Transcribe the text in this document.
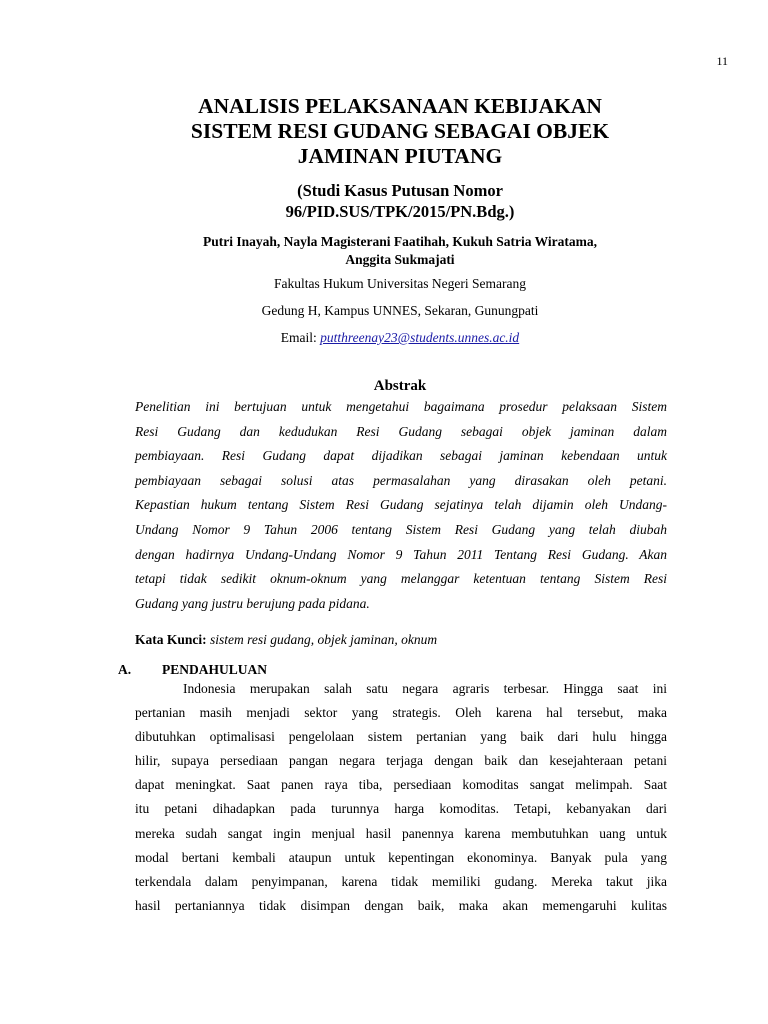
11
ANALISIS PELAKSANAAN KEBIJAKAN
SISTEM RESI GUDANG SEBAGAI OBJEK
JAMINAN PIUTANG
(Studi Kasus Putusan Nomor
96/PID.SUS/TPK/2015/PN.Bdg.)
Putri Inayah, Nayla Magisterani Faatihah, Kukuh Satria Wiratama,
Anggita Sukmajati
Fakultas Hukum Universitas Negeri Semarang
Gedung H, Kampus UNNES, Sekaran, Gunungpati
Email: putthreenay23@students.unnes.ac.id
Abstrak
Penelitian ini bertujuan untuk mengetahui bagaimana prosedur pelaksaan Sistem
Resi Gudang dan kedudukan Resi Gudang sebagai objek jaminan dalam
pembiayaan. Resi Gudang dapat dijadikan sebagai jaminan kebendaan untuk
pembiayaan sebagai solusi atas permasalahan yang dirasakan oleh petani.
Kepastian hukum tentang Sistem Resi Gudang sejatinya telah dijamin oleh Undang-
Undang Nomor 9 Tahun 2006 tentang Sistem Resi Gudang yang telah diubah
dengan hadirnya Undang-Undang Nomor 9 Tahun 2011 Tentang Resi Gudang. Akan
tetapi tidak sedikit oknum-oknum yang melanggar ketentuan tentang Sistem Resi
Gudang yang justru berujung pada pidana.
Kata Kunci: sistem resi gudang, objek jaminan, oknum
A. PENDAHULUAN
Indonesia merupakan salah satu negara agraris terbesar. Hingga saat ini
pertanian masih menjadi sektor yang strategis. Oleh karena hal tersebut, maka
dibutuhkan optimalisasi pengelolaan sistem pertanian yang baik dari hulu hingga
hilir, supaya persediaan pangan negara terjaga dengan baik dan kesejahteraan petani
dapat meningkat. Saat panen raya tiba, persediaan komoditas sangat melimpah. Saat
itu petani dihadapkan pada turunnya harga komoditas. Tetapi, kebanyakan dari
mereka sudah sangat ingin menjual hasil panennya karena membutuhkan uang untuk
modal bertani kembali ataupun untuk kepentingan ekonominya. Banyak pula yang
terkendala dalam penyimpanan, karena tidak memiliki gudang. Mereka takut jika
hasil pertaniannya tidak disimpan dengan baik, maka akan memengaruhi kulitas
